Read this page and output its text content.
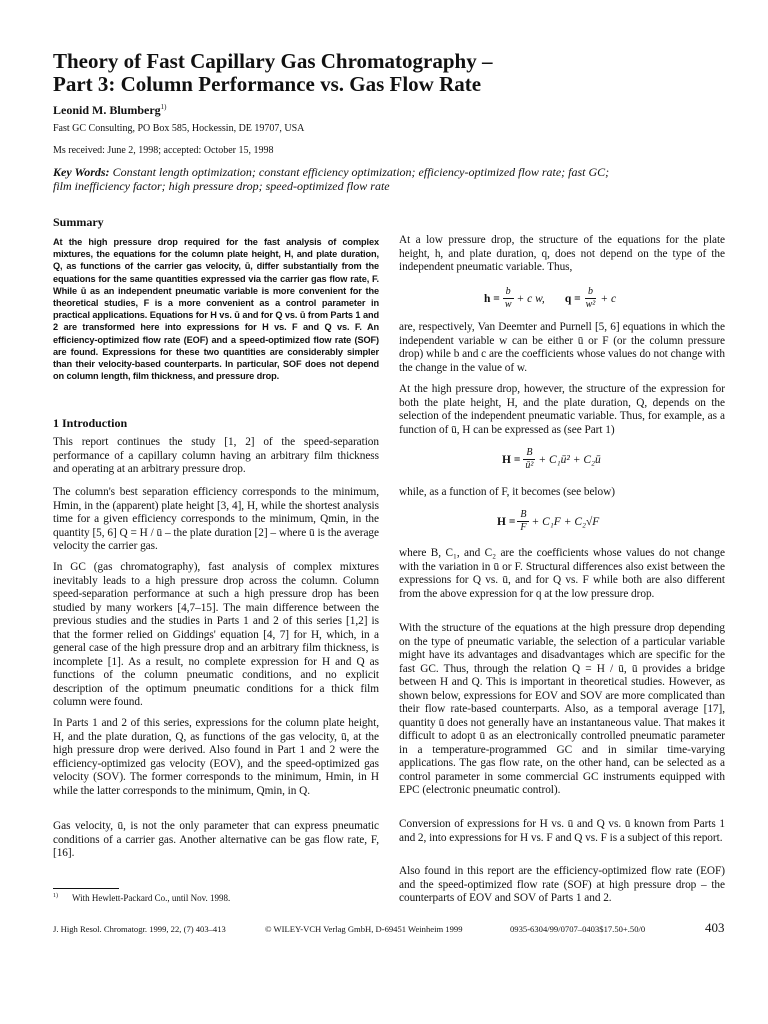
Theory of Fast Capillary Gas Chromatography –
Part 3: Column Performance vs. Gas Flow Rate
Leonid M. Blumberg$^{1)}$
Fast GC Consulting, PO Box 585, Hockessin, DE 19707, USA
Ms received: June 2, 1998; accepted: October 15, 1998
Key Words: Constant length optimization; constant efficiency optimization; efficiency-optimized flow rate; fast GC;
film inefficiency factor; high pressure drop; speed-optimized flow rate
Summary

At the high pressure drop required for the fast analysis of complex mixtures, the equations for the column plate height, H, and plate duration, Q, as functions of the carrier gas velocity, ū, differ substantially from the equations for the same quantities expressed via the carrier gas flow rate, F. While ū as an independent pneumatic variable is more convenient for the theoretical studies, F is a more convenient as a control parameter in practical applications. Equations for H vs. ū and for Q vs. ū from Parts 1 and 2 are transformed here into expressions for H vs. F and Q vs. F. An efficiency-optimized flow rate (EOF) and a speed-optimized flow rate (SOF) are found. Expressions for these two quantities are considerably simpler than their velocity-based counterparts. In particular, SOF does not depend on column length, film thickness, and pressure drop.

1 Introduction

This report continues the study [1, 2] of the speed-separation performance of a capillary column having an arbitrary film thickness and operating at an arbitrary pressure drop.

The column's best separation efficiency corresponds to the minimum, Hmin, in the (apparent) plate height [3, 4], H, while the shortest analysis time for a given efficiency corresponds to the minimum, Qmin, in the quantity [5, 6] Q = H / ū – the plate duration [2] – where ū is the average velocity the carrier gas.

In GC (gas chromatography), fast analysis of complex mixtures inevitably leads to a high pressure drop across the column. Column speed-separation performance at such a high pressure drop has been studied by many workers [4,7–15]. The main difference between the previous studies and the studies in Parts 1 and 2 of this series [1,2] is that the former relied on Giddings' equation [4, 7] for H, which, in a general case of the high pressure drop and an arbitrary film thickness, is incomplete [1]. As a result, no complete expression for H and Q as functions of the column pneumatic conditions, and no explicit description of the optimum pneumatic conditions for a thick film column were found.

In Parts 1 and 2 of this series, expressions for the column plate height, H, and the plate duration, Q, as functions of the gas velocity, ū, at the high pressure drop were derived. Also found in Part 1 and 2 were the efficiency-optimized gas velocity (EOV), and the speed-optimized gas velocity (SOV). The former corresponds to the minimum, Hmin, in H while the latter corresponds to the minimum, Qmin, in Q.

Gas velocity, ū, is not the only parameter that can express pneumatic conditions of a carrier gas. Another alternative can be gas flow rate, F, [16].

At a low pressure drop, the structure of the equations for the plate height, h, and plate duration, q, does not depend on the type of the independent pneumatic variable. Thus,

$h = \frac{b}{w} + c$ w, $q = \frac{b}{\text{w²}} + c$

are, respectively, Van Deemter and Purnell [5, 6] equations in which the independent variable w can be either ū or F (or the column pressure drop) while b and c are the coefficients whose values do not change with the change in the value of w.

At the high pressure drop, however, the structure of the expression for both the plate height, H, and the plate duration, Q, depends on the selection of the independent pneumatic variable. Thus, for example, as a function of ū, H can be expressed as (see Part 1)

$H = \frac{B}{\text{ū²}}$ + C₁ū² + C₂ū

while, as a function of F, it becomes (see below)

$H = \frac{B}{F} + C_1F + C_2√F$

where B, C₁, and C₂ are the coefficients whose values do not change with the variation in ū or F. Structural differences also exist between the expressions for Q vs. ū, and for Q vs. F while both are also different from the above expression for q at the low pressure drop.

With the structure of the equations at the high pressure drop depending on the type of pneumatic variable, the selection of a particular variable might have its advantages and disadvantages which are specific for the fast GC. Thus, through the relation Q = H / ū, ū provides a bridge between H and Q. This is important in theoretical studies. However, as shown below, expressions for EOV and SOV are more complicated than their flow rate-based counterparts. Also, as a temporal average [17], quantity ū does not generally have an instantaneous value. That makes it difficult to adopt ū as an electronically controlled pneumatic parameter in a temperature-programmed GC and in similar time-varying applications. The gas flow rate, on the other hand, can be selected as a control parameter in some commercial GC instruments equipped with EPC (electronic pneumatic control).

Conversion of expressions for H vs. ū and Q vs. ū known from Parts 1 and 2, into expressions for H vs. F and Q vs. F is a subject of this report.

Also found in this report are the efficiency-optimized flow rate (EOF) and the speed-optimized flow rate (SOF) at high pressure drop – the counterparts of EOV and SOV of Parts 1 and 2.

$^{1)}$ With Hewlett-Packard Co., until Nov. 1998.
J. High Resol. Chromatogr. 1999, 22, (7) 403–413	© WILEY-VCH Verlag GmbH, D-69451 Weinheim 1999	0935-6304/99/0707–0403$17.50+.50/0	403
